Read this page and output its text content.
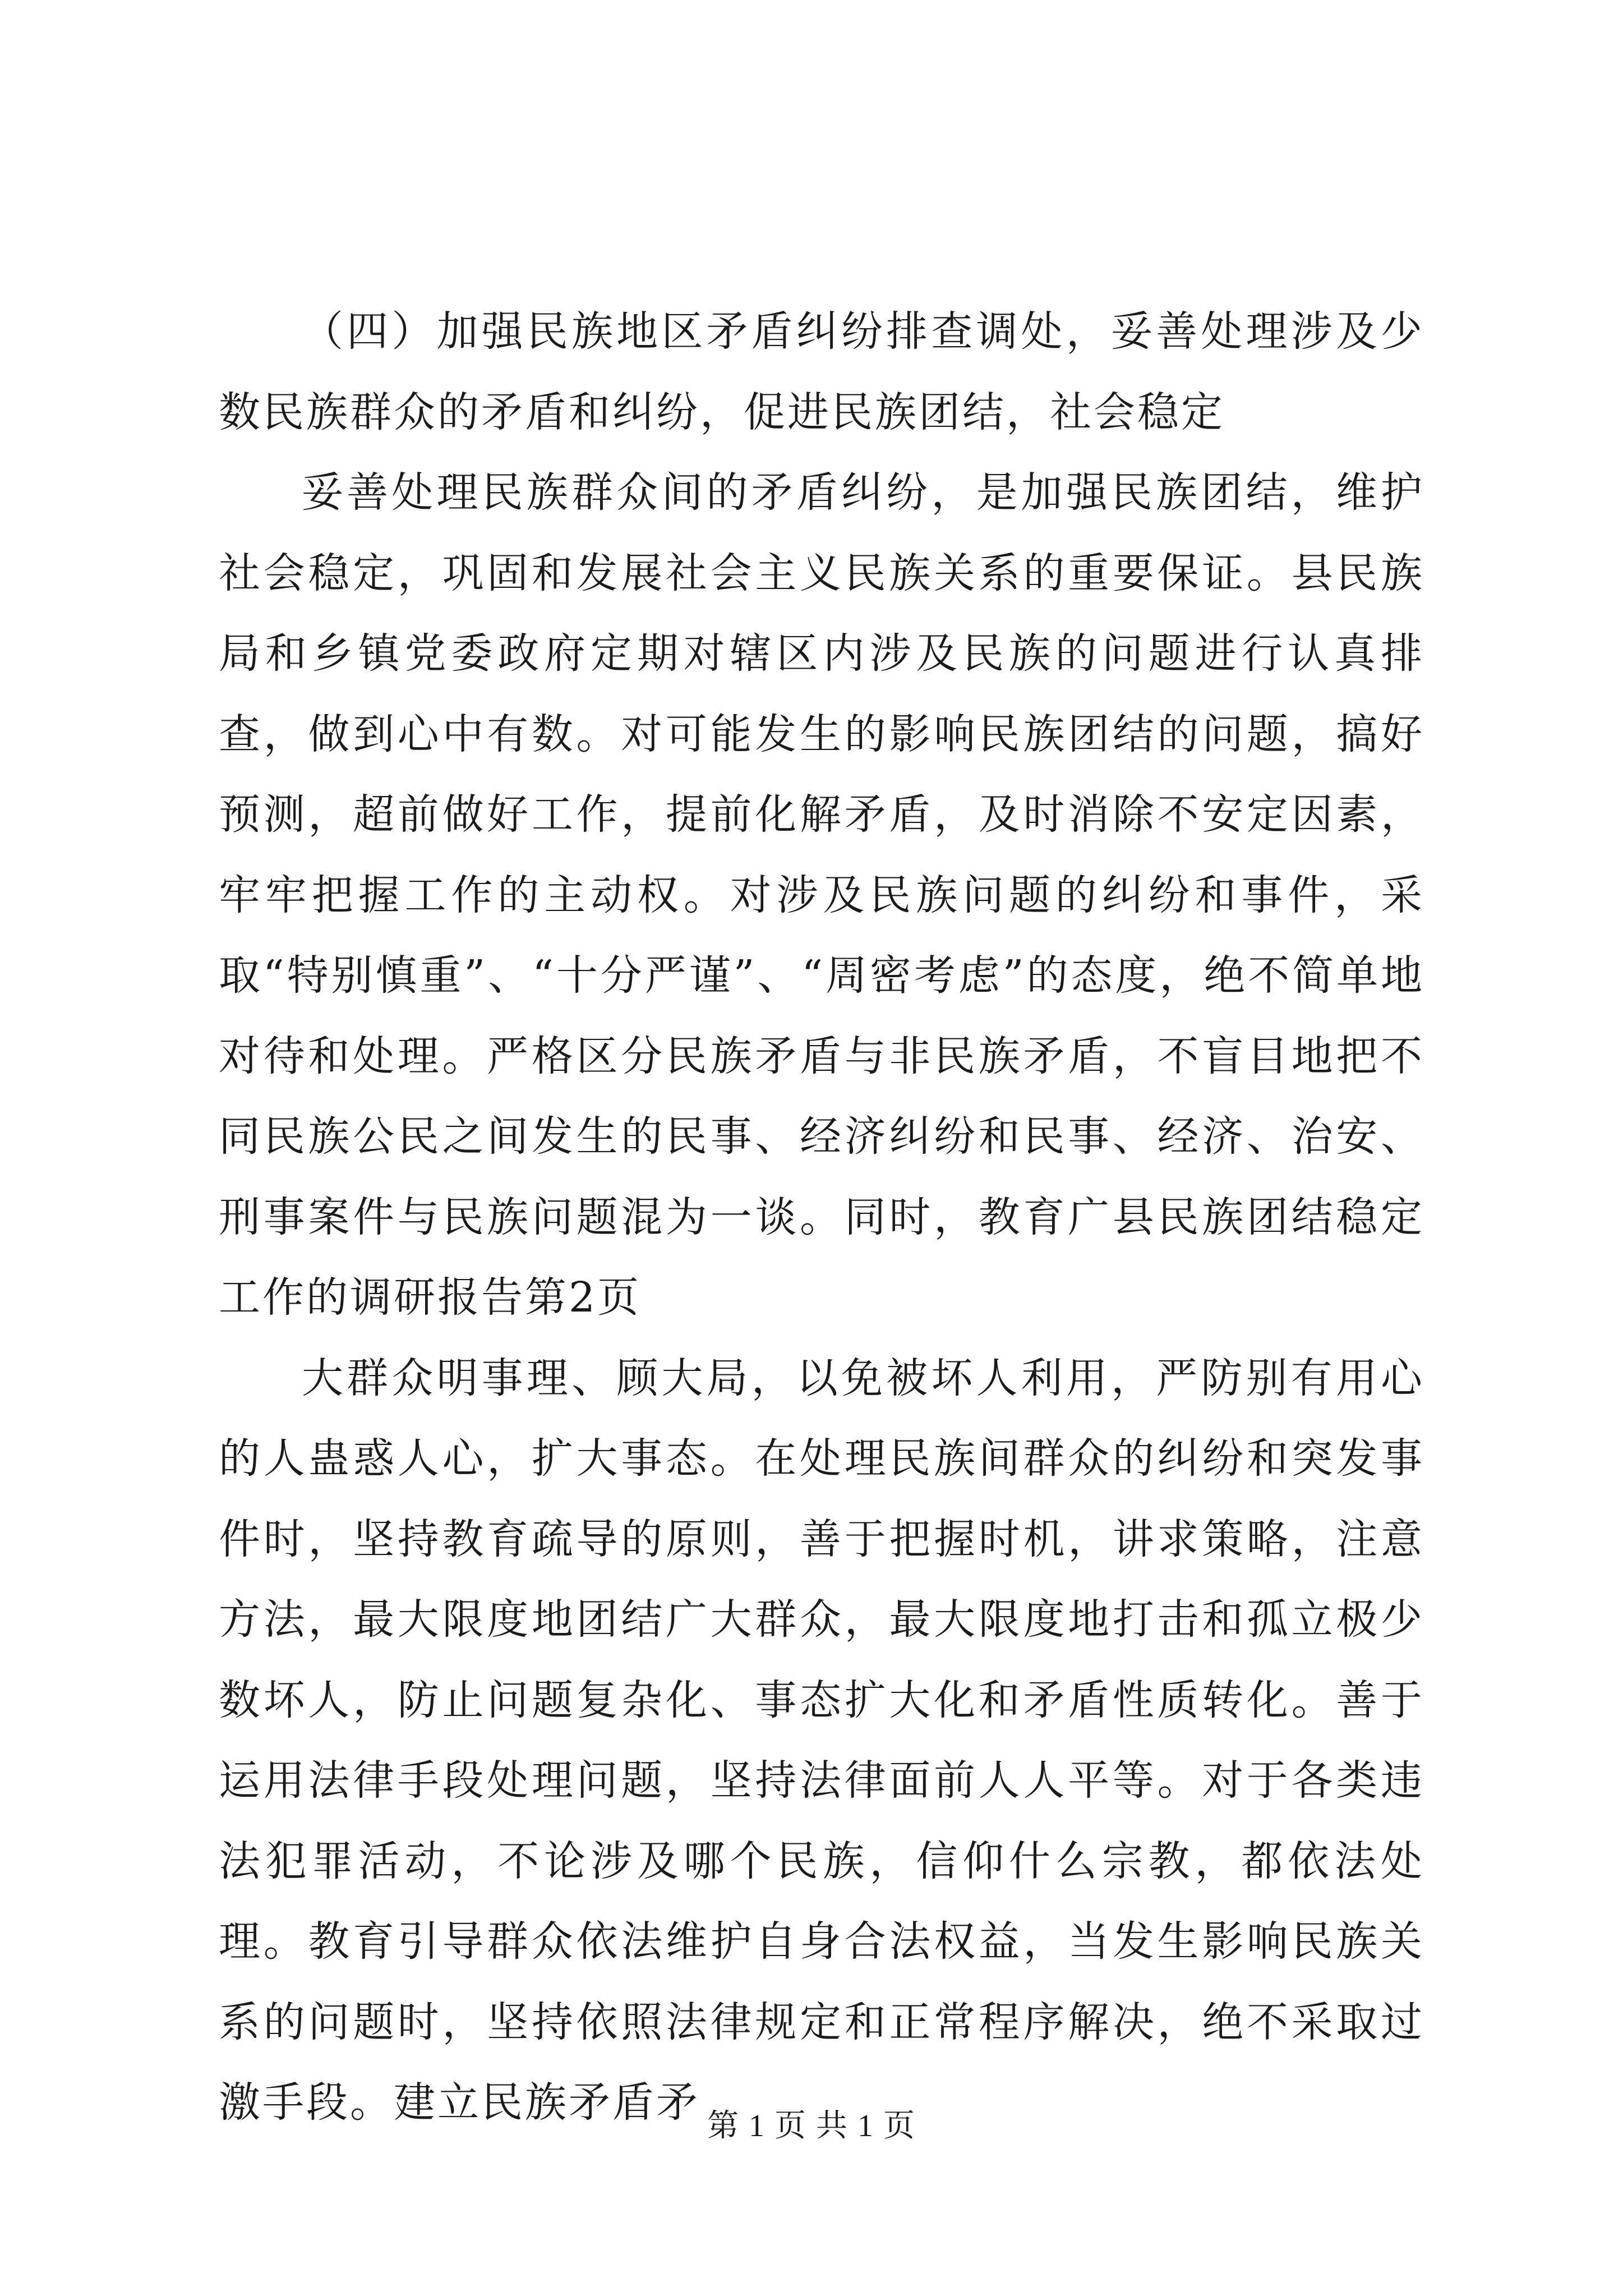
（四）加强民族地区矛盾纠纷排查调处，妥善处理涉及少数民族群众的矛盾和纠纷，促进民族团结，社会稳定

妥善处理民族群众间的矛盾纠纷，是加强民族团结，维护社会稳定，巩固和发展社会主义民族关系的重要保证。县民族局和乡镇党委政府定期对辖区内涉及民族的问题进行认真排查，做到心中有数。对可能发生的影响民族团结的问题，搞好预测，超前做好工作，提前化解矛盾，及时消除不安定因素，牢牢把握工作的主动权。对涉及民族问题的纠纷和事件，采取“特别慎重”、“十分严谨”、“周密考虑”的态度，绝不简单地对待和处理。严格区分民族矛盾与非民族矛盾，不盲目地把不同民族公民之间发生的民事、经济纠纷和民事、经济、治安、刑事案件与民族问题混为一谈。同时，教育广县民族团结稳定工作的调研报告第2页

大群众明事理、顾大局，以免被坏人利用，严防别有用心的人蛊惑人心，扩大事态。在处理民族间群众的纠纷和突发事件时，坚持教育疏导的原则，善于把握时机，讲求策略，注意方法，最大限度地团结广大群众，最大限度地打击和孤立极少数坏人，防止问题复杂化、事态扩大化和矛盾性质转化。善于运用法律手段处理问题，坚持法律面前人人平等。对于各类违法犯罪活动，不论涉及哪个民族，信仰什么宗教，都依法处理。教育引导群众依法维护自身合法权益，当发生影响民族关系的问题时，坚持依照法律规定和正常程序解决，绝不采取过激手段。建立民族矛盾矛 第 1 页 共 1 页
